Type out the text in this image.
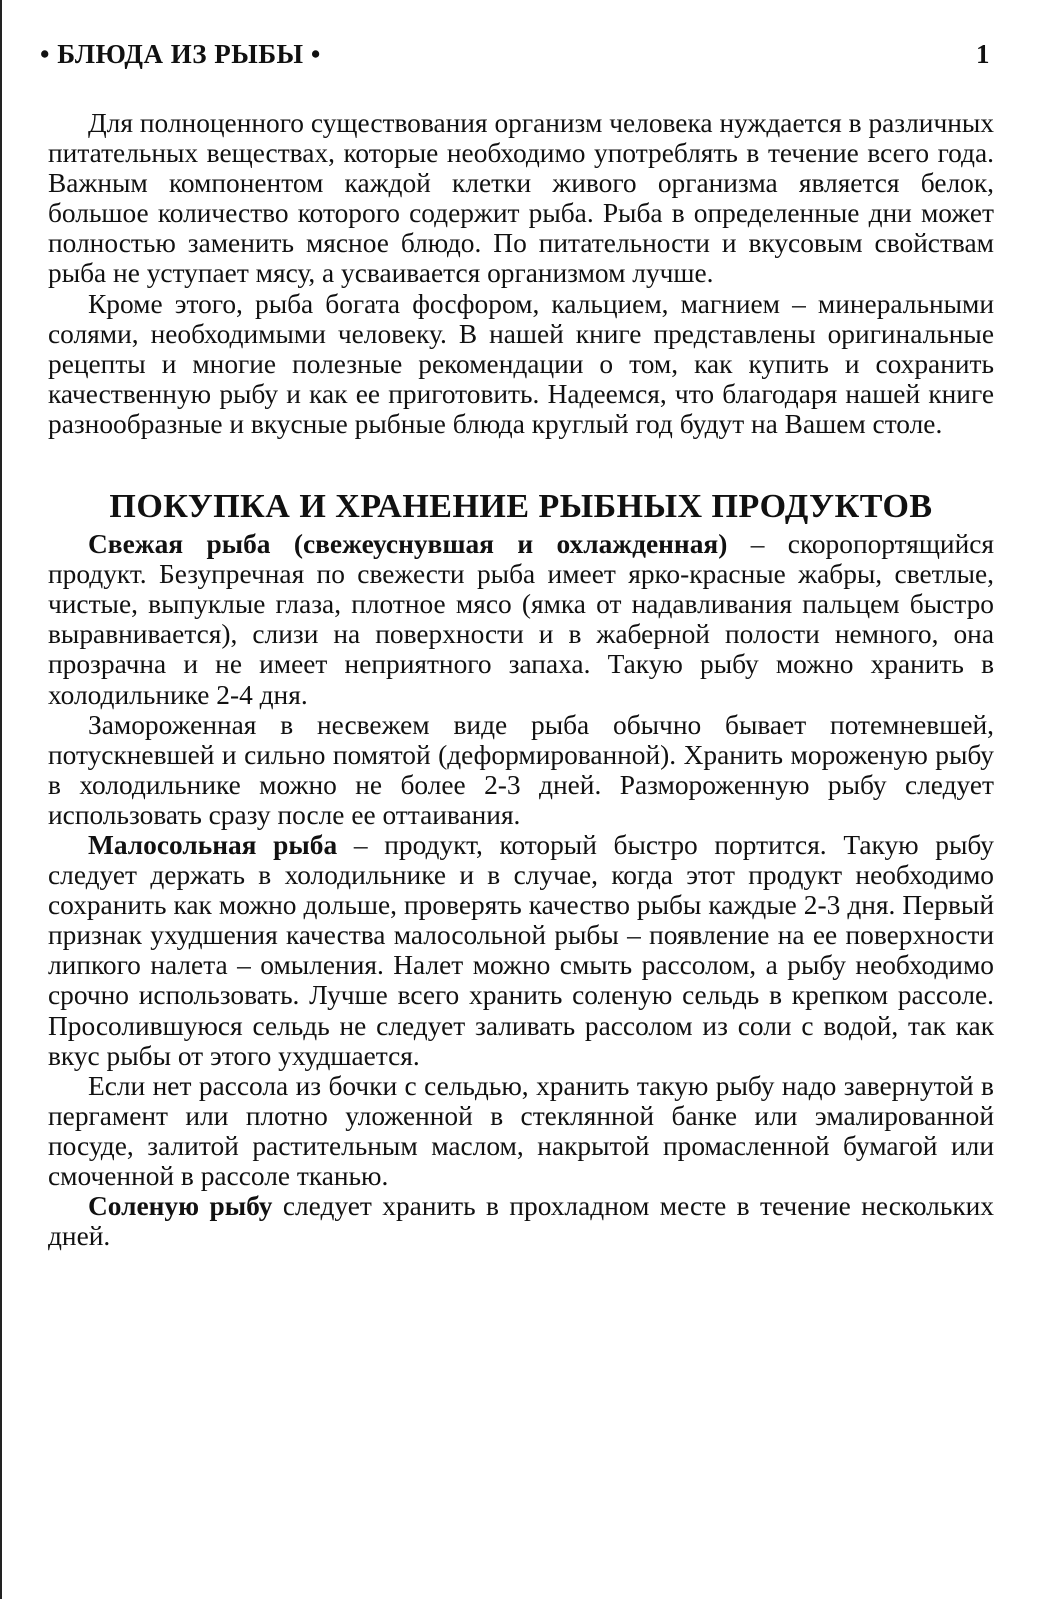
• БЛЮДА ИЗ РЫБЫ •	1

Для полноценного существования организм человека нуждается в различных питательных веществах, которые необходимо употреблять в течение всего года. Важным компонентом каждой клетки живого организма является белок, большое количество которого содержит рыба. Рыба в определенные дни может полностью заменить мясное блюдо. По питательности и вкусовым свойствам рыба не уступает мясу, а усваивается организмом лучше.

Кроме этого, рыба богата фосфором, кальцием, магнием – минеральными солями, необходимыми человеку. В нашей книге представлены оригинальные рецепты и многие полезные рекомендации о том, как купить и сохранить качественную рыбу и как ее приготовить. Надеемся, что благодаря нашей книге разнообразные и вкусные рыбные блюда круглый год будут на Вашем столе.

ПОКУПКА И ХРАНЕНИЕ РЫБНЫХ ПРОДУКТОВ

Свежая рыба (свежеуснувшая и охлажденная) – скоропортящийся продукт. Безупречная по свежести рыба имеет ярко-красные жабры, светлые, чистые, выпуклые глаза, плотное мясо (ямка от надавливания пальцем быстро выравнивается), слизи на поверхности и в жаберной полости немного, она прозрачна и не имеет неприятного запаха. Такую рыбу можно хранить в холодильнике 2-4 дня.

Замороженная в несвежем виде рыба обычно бывает потемневшей, потускневшей и сильно помятой (деформированной). Хранить мороженую рыбу в холодильнике можно не более 2-3 дней. Размороженную рыбу следует использовать сразу после ее оттаивания.

Малосольная рыба – продукт, который быстро портится. Такую рыбу следует держать в холодильнике и в случае, когда этот продукт необходимо сохранить как можно дольше, проверять качество рыбы каждые 2-3 дня. Первый признак ухудшения качества малосольной рыбы – появление на ее поверхности липкого налета – омыления. Налет можно смыть рассолом, а рыбу необходимо срочно использовать. Лучше всего хранить соленую сельдь в крепком рассоле. Просолившуюся сельдь не следует заливать рассолом из соли с водой, так как вкус рыбы от этого ухудшается.

Если нет рассола из бочки с сельдью, хранить такую рыбу надо завернутой в пергамент или плотно уложенной в стеклянной банке или эмалированной посуде, залитой растительным маслом, накрытой промасленной бумагой или смоченной в рассоле тканью.

Соленую рыбу следует хранить в прохладном месте в течение нескольких дней.
